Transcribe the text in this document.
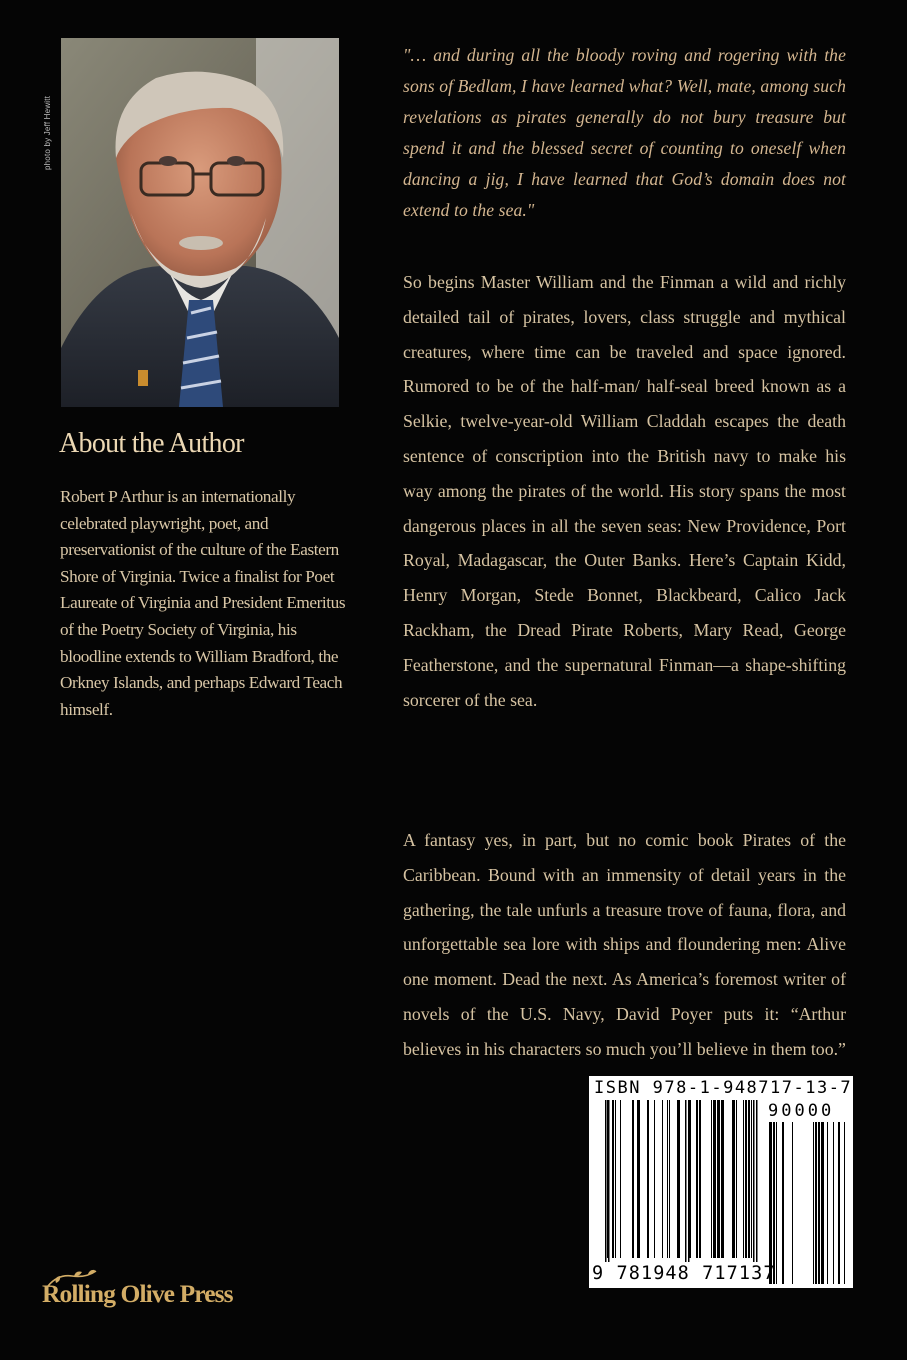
photo by Jeff Hewitt
About the Author
Robert P Arthur is an internationally celebrated playwright, poet, and preservationist of the culture of the Eastern Shore of Virginia. Twice a finalist for Poet Laureate of Virginia and President Emeritus of the Poetry Society of Virginia, his bloodline extends to William Bradford, the Orkney Islands, and perhaps Edward Teach himself.
"… and during all the bloody roving and rogering with the sons of Bedlam, I have learned what? Well, mate, among such revelations as pirates generally do not bury treasure but spend it and the blessed secret of counting to oneself when dancing a jig, I have learned that God’s domain does not extend to the sea."
So begins Master William and the Finman a wild and richly detailed tail of pirates, lovers, class struggle and mythical creatures, where time can be traveled and space ignored. Rumored to be of the half-man/ half-seal breed known as a Selkie, twelve-year-old William Claddah escapes the death sentence of conscription into the British navy to make his way among the pirates of the world. His story spans the most dangerous places in all the seven seas: New Providence, Port Royal, Madagascar, the Outer Banks. Here’s Captain Kidd, Henry Morgan, Stede Bonnet, Blackbeard, Calico Jack Rackham, the Dread Pirate Roberts, Mary Read, George Featherstone, and the supernatural Finman—a shape-shifting sorcerer of the sea.
A fantasy yes, in part, but no comic book Pirates of the Caribbean. Bound with an immensity of detail years in the gathering, the tale unfurls a treasure trove of fauna, flora, and unforgettable sea lore with ships and floundering men: Alive one moment. Dead the next. As America’s foremost writer of novels of the U.S. Navy, David Poyer puts it: “Arthur believes in his characters so much you’ll believe in them too.”
ISBN 978-1-948717-13-7
90000
9 781948 717137
Rolling Olive Press
